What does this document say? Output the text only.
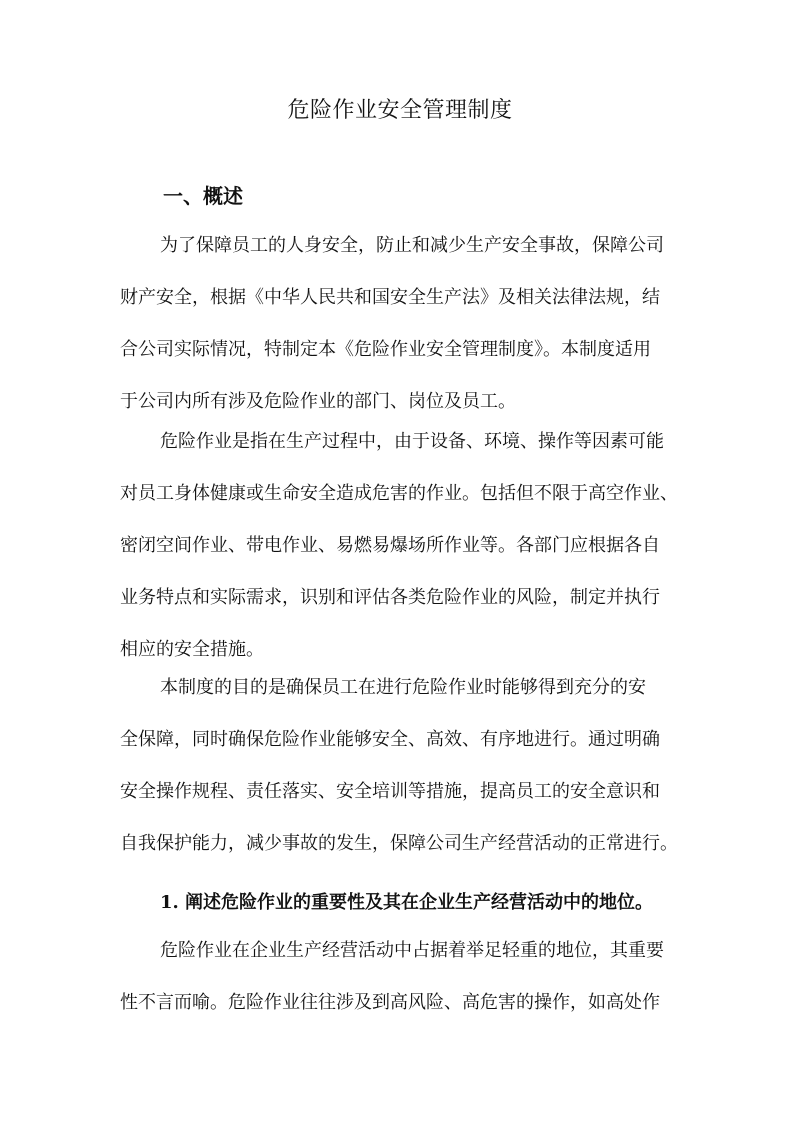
危险作业安全管理制度
一、概述
为了保障员工的人身安全，防止和减少生产安全事故，保障公司
财产安全，根据《中华人民共和国安全生产法》及相关法律法规，结
合公司实际情况，特制定本《危险作业安全管理制度》。本制度适用
于公司内所有涉及危险作业的部门、岗位及员工。
危险作业是指在生产过程中，由于设备、环境、操作等因素可能
对员工身体健康或生命安全造成危害的作业。包括但不限于高空作业、
密闭空间作业、带电作业、易燃易爆场所作业等。各部门应根据各自
业务特点和实际需求，识别和评估各类危险作业的风险，制定并执行
相应的安全措施。
本制度的目的是确保员工在进行危险作业时能够得到充分的安
全保障，同时确保危险作业能够安全、高效、有序地进行。通过明确
安全操作规程、责任落实、安全培训等措施，提高员工的安全意识和
自我保护能力，减少事故的发生，保障公司生产经营活动的正常进行。
1. 阐述危险作业的重要性及其在企业生产经营活动中的地位。
危险作业在企业生产经营活动中占据着举足轻重的地位，其重要
性不言而喻。危险作业往往涉及到高风险、高危害的操作，如高处作
